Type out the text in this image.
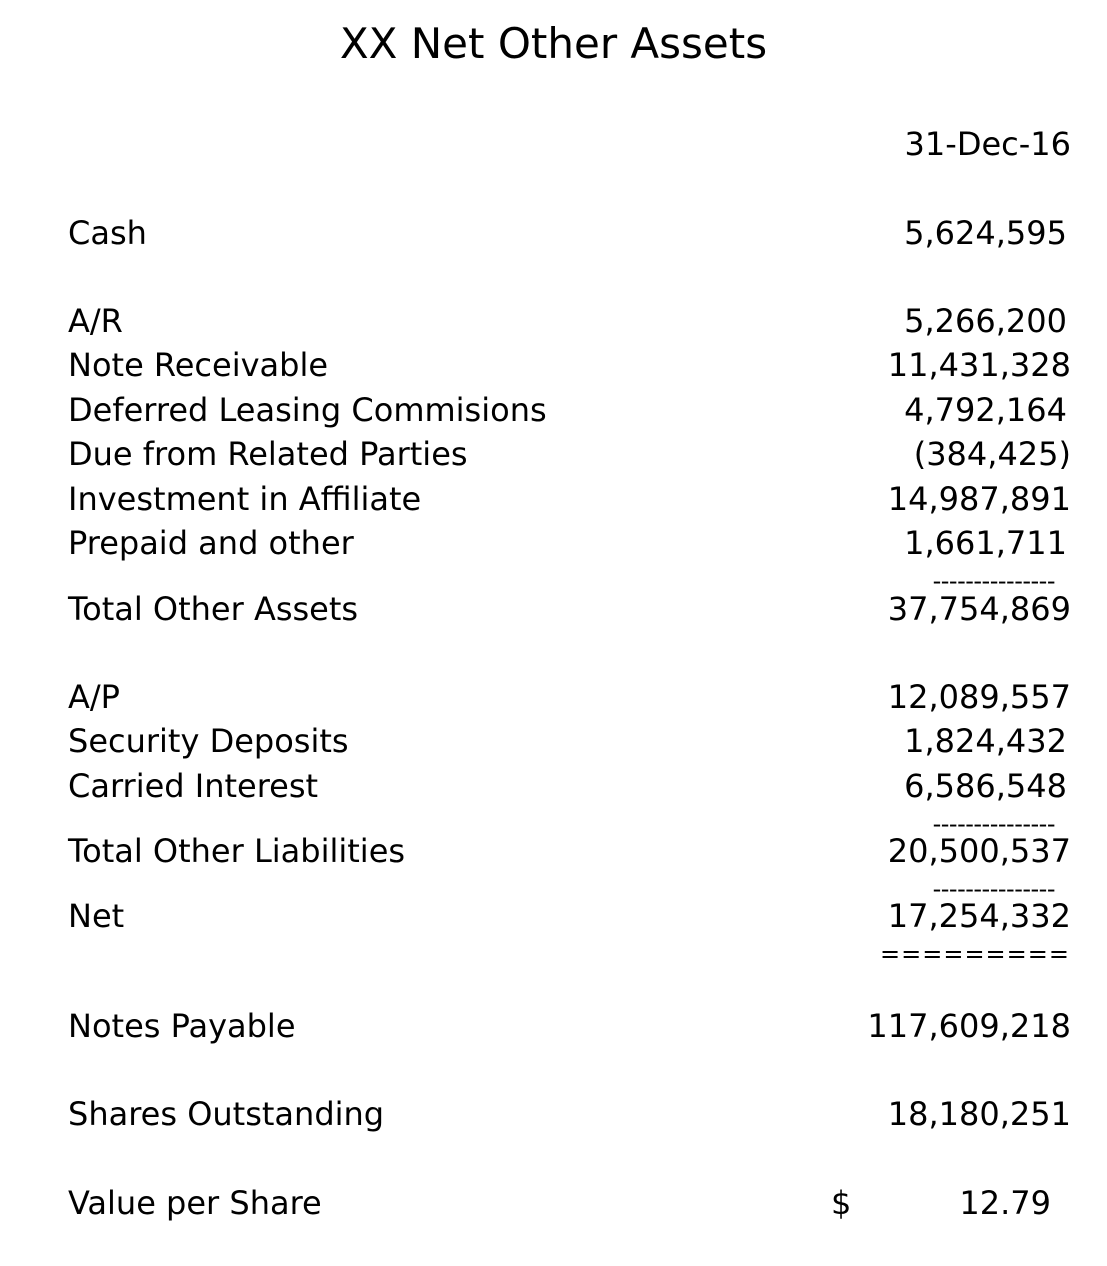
XX Net Other Assets
31-Dec-16
Cash	5,624,595
A/R	5,266,200
Note Receivable	11,431,328
Deferred Leasing Commisions	4,792,164
Due from Related Parties	(384,425)
Investment in Affiliate	14,987,891
Prepaid and other	1,661,711
---------------
Total Other Assets	37,754,869
A/P	12,089,557
Security Deposits	1,824,432
Carried Interest	6,586,548
---------------
Total Other Liabilities	20,500,537
---------------
Net	17,254,332
=========
Notes Payable	117,609,218
Shares Outstanding	18,180,251
Value per Share	$	12.79
